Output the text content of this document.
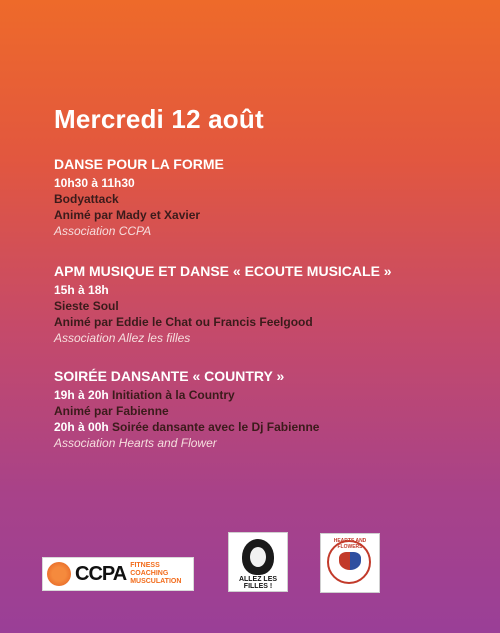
Mercredi 12 août
DANSE POUR LA FORME
10h30 à 11h30
Bodyattack
Animé par Mady et Xavier
Association CCPA
APM MUSIQUE ET DANSE « ECOUTE MUSICALE »
15h à 18h
Sieste Soul
Animé par Eddie le Chat ou Francis Feelgood
Association Allez les filles
SOIRÉE DANSANTE « COUNTRY »
19h à 20h Initiation à la Country
Animé par Fabienne
20h à 00h Soirée dansante avec le Dj Fabienne
Association Hearts and Flower
CCPA FITNESS
COACHING
MUSCULATION	ALLEZ LES FILLES !
HEARTS AND FLOWERS
